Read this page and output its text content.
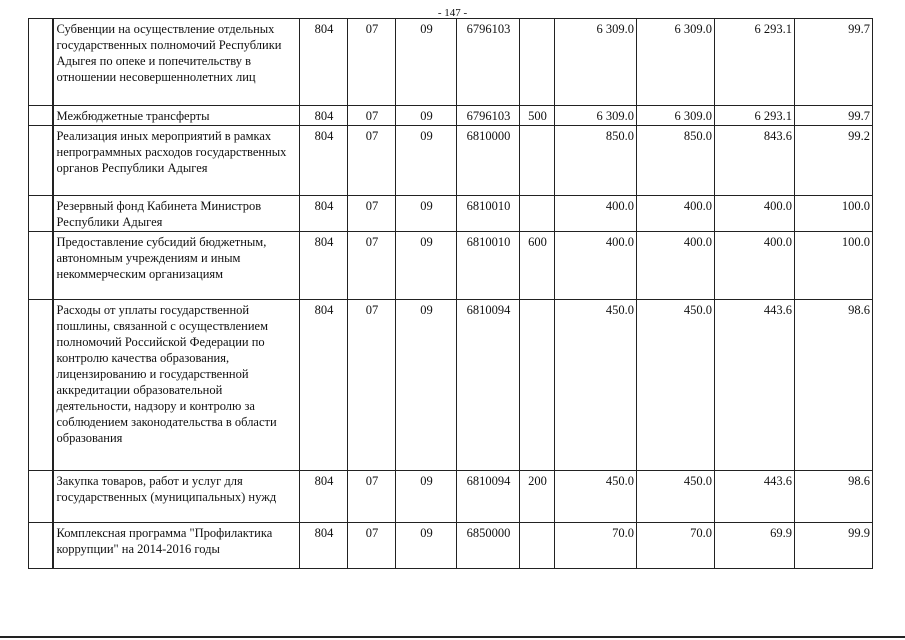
- 147 -
	Субвенции на осуществление отдельных государственных полномочий Республики Адыгея по опеке и попечительству в отношении несовершеннолетних лиц	804	07	09	6796103		6 309.0	6 309.0	6 293.1	99.7
	Межбюджетные трансферты	804	07	09	6796103	500	6 309.0	6 309.0	6 293.1	99.7
	Реализация иных мероприятий в рамках непрограммных расходов государственных органов Республики Адыгея	804	07	09	6810000		850.0	850.0	843.6	99.2
	Резервный фонд Кабинета Министров Республики Адыгея	804	07	09	6810010		400.0	400.0	400.0	100.0
	Предоставление субсидий бюджетным, автономным учреждениям и иным некоммерческим организациям	804	07	09	6810010	600	400.0	400.0	400.0	100.0
	Расходы от уплаты государственной пошлины, связанной с осуществлением полномочий Российской Федерации по контролю качества образования, лицензированию и государственной аккредитации образовательной деятельности, надзору и контролю за соблюдением законодательства в области образования	804	07	09	6810094		450.0	450.0	443.6	98.6
	Закупка товаров, работ и услуг для государственных (муниципальных) нужд	804	07	09	6810094	200	450.0	450.0	443.6	98.6
	Комплексная программа "Профилактика коррупции" на 2014-2016 годы	804	07	09	6850000		70.0	70.0	69.9	99.9
